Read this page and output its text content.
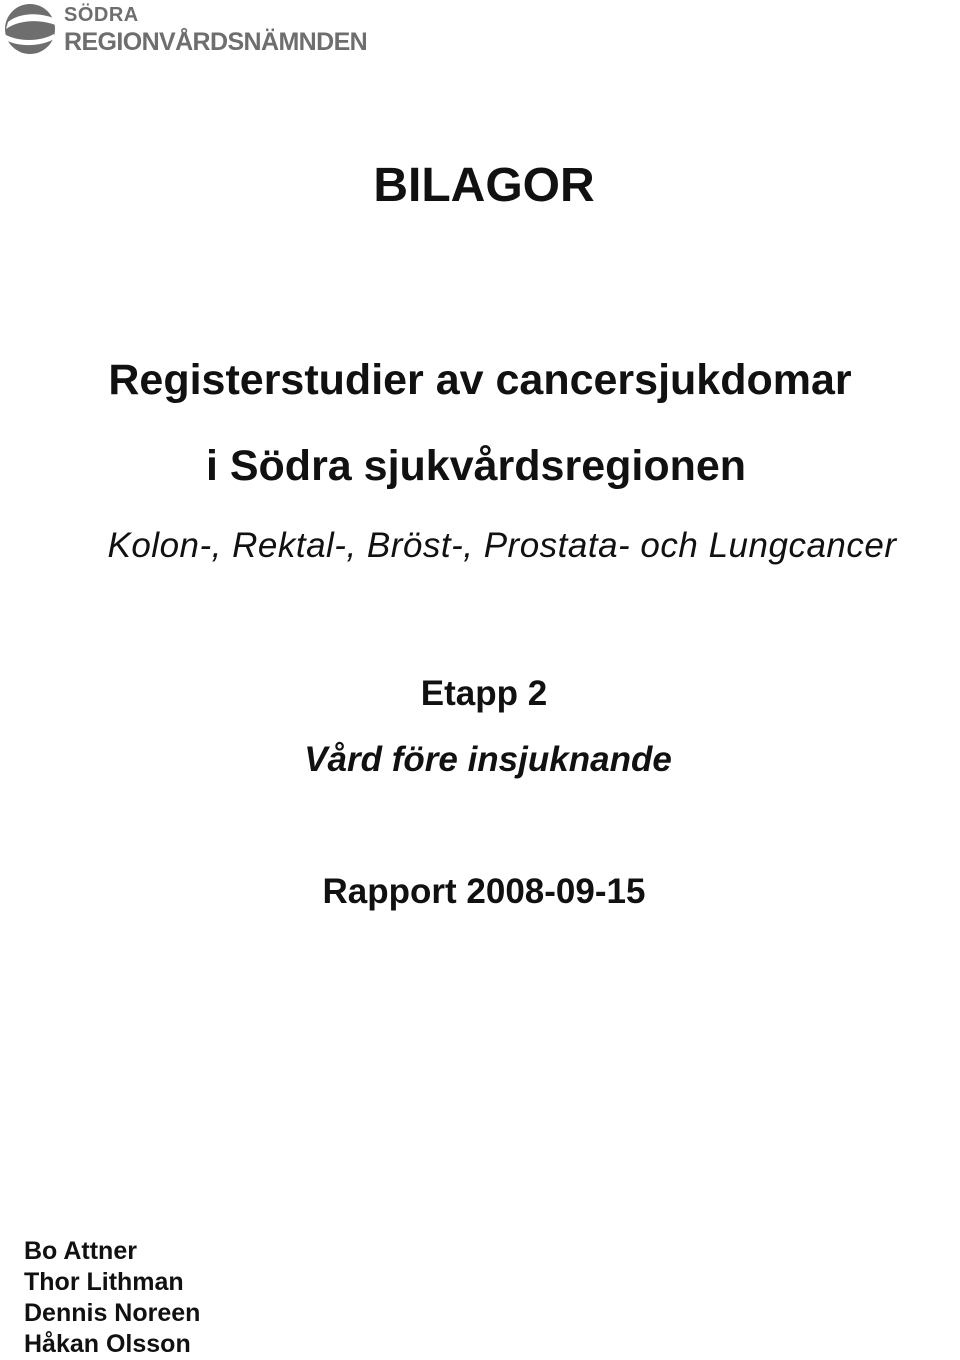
SÖDRA
REGIONVÅRDSNÄMNDEN
BILAGOR
Registerstudier av cancersjukdomar
i Södra sjukvårdsregionen
Kolon-, Rektal-, Bröst-, Prostata- och Lungcancer
Etapp 2
Vård före insjuknande
Rapport 2008-09-15
Bo Attner
Thor Lithman
Dennis Noreen
Håkan Olsson
